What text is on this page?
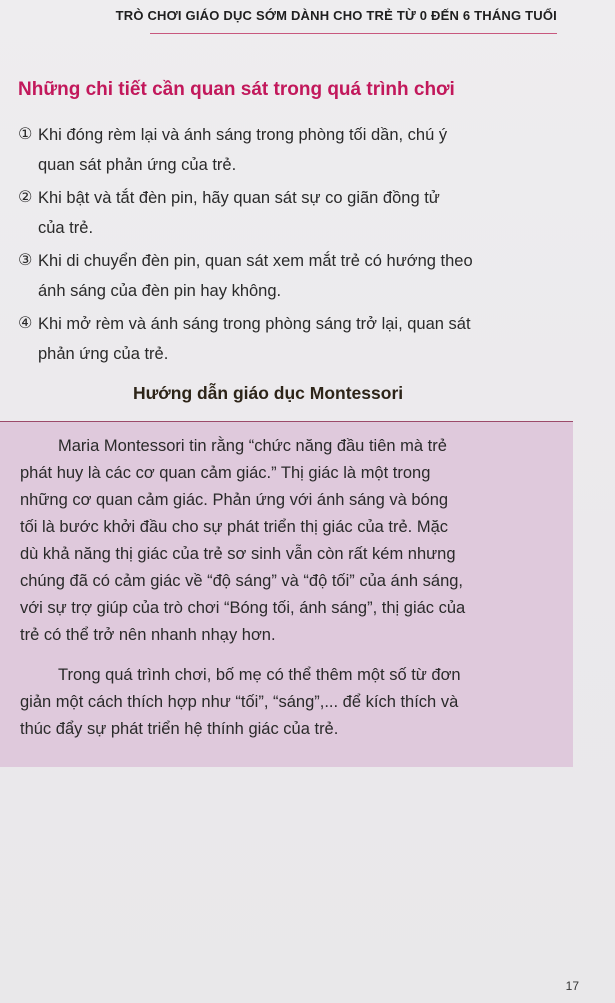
TRÒ CHƠI GIÁO DỤC SỚM DÀNH CHO TRẺ TỪ 0 ĐẾN 6 THÁNG TUỔI
Những chi tiết cần quan sát trong quá trình chơi
① Khi đóng rèm lại và ánh sáng trong phòng tối dần, chú ý
quan sát phản ứng của trẻ.
② Khi bật và tắt đèn pin, hãy quan sát sự co giãn đồng tử
của trẻ.
③ Khi di chuyển đèn pin, quan sát xem mắt trẻ có hướng theo
ánh sáng của đèn pin hay không.
④ Khi mở rèm và ánh sáng trong phòng sáng trở lại, quan sát
phản ứng của trẻ.
Hướng dẫn giáo dục Montessori

Maria Montessori tin rằng “chức năng đầu tiên mà trẻ
phát huy là các cơ quan cảm giác.” Thị giác là một trong
những cơ quan cảm giác. Phản ứng với ánh sáng và bóng
tối là bước khởi đầu cho sự phát triển thị giác của trẻ. Mặc
dù khả năng thị giác của trẻ sơ sinh vẫn còn rất kém nhưng
chúng đã có cảm giác về “độ sáng” và “độ tối” của ánh sáng,
với sự trợ giúp của trò chơi “Bóng tối, ánh sáng”, thị giác của
trẻ có thể trở nên nhanh nhạy hơn.

Trong quá trình chơi, bố mẹ có thể thêm một số từ đơn
giản một cách thích hợp như “tối”, “sáng”,... để kích thích và
thúc đẩy sự phát triển hệ thính giác của trẻ.

17
